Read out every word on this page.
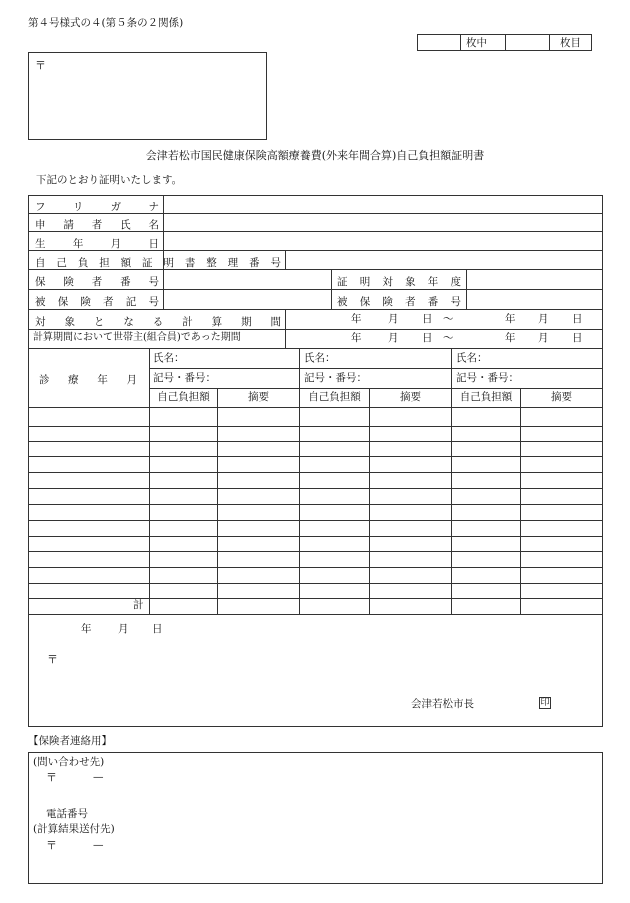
第４号様式の４(第５条の２関係)
枚中	枚目
〒
会津若松市国民健康保険高額療養費(外来年間合算)自己負担額証明書
下記のとおり証明いたします。
フ	リ	ガ	ナ
申 請 者 氏 名
生	年	月	日
自 己 負 担 額 証 明 書 整 理 番 号
保 険 者 番 号	証 明 対 象 年 度
被 保 険 者 記 号	被 保 険 者 番 号
対 象 と な る 計 算 期 間
計算期間において世帯主(組合員)であった期間
年	月 日 〜	年 月 日
年	月 日 〜	年 月 日
診 療 年 月
氏名：	氏名：	氏名：
記号・番号：	記号・番号：	記号・番号：
自己負担額	摘要	自己負担額	摘要	自己負担額	摘要
計
年	月 日
〒
会津若松市長	印
【保険者連絡用】
(問い合わせ先)
〒	—
電話番号
(計算結果送付先)
〒	—
